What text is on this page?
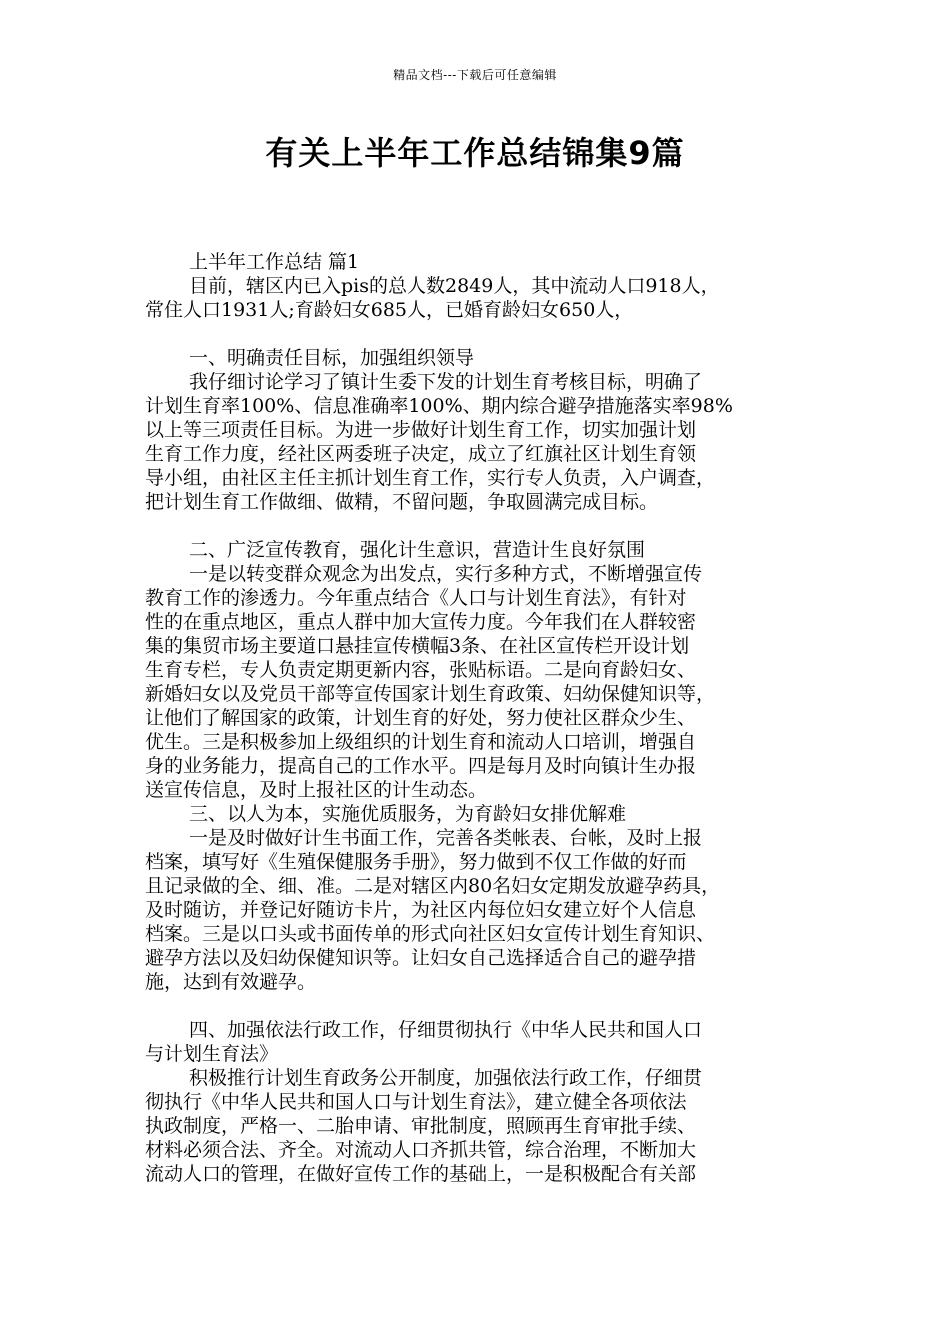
精品文档---下载后可任意编辑
有关上半年工作总结锦集9篇
上半年工作总结 篇1
目前，辖区内已入pis的总人数2849人，其中流动人口918人，
常住人口1931人;育龄妇女685人，已婚育龄妇女650人，
一、明确责任目标，加强组织领导
我仔细讨论学习了镇计生委下发的计划生育考核目标，明确了
计划生育率100%、信息准确率100%、期内综合避孕措施落实率98%
以上等三项责任目标。为进一步做好计划生育工作，切实加强计划
生育工作力度，经社区两委班子决定，成立了红旗社区计划生育领
导小组，由社区主任主抓计划生育工作，实行专人负责，入户调查，
把计划生育工作做细、做精，不留问题，争取圆满完成目标。
二、广泛宣传教育，强化计生意识，营造计生良好氛围
一是以转变群众观念为出发点，实行多种方式，不断增强宣传
教育工作的渗透力。今年重点结合《人口与计划生育法》，有针对
性的在重点地区，重点人群中加大宣传力度。今年我们在人群较密
集的集贸市场主要道口悬挂宣传横幅3条、在社区宣传栏开设计划
生育专栏，专人负责定期更新内容，张贴标语。二是向育龄妇女、
新婚妇女以及党员干部等宣传国家计划生育政策、妇幼保健知识等，
让他们了解国家的政策，计划生育的好处，努力使社区群众少生、
优生。三是积极参加上级组织的计划生育和流动人口培训，增强自
身的业务能力，提高自己的工作水平。四是每月及时向镇计生办报
送宣传信息，及时上报社区的计生动态。
三、以人为本，实施优质服务，为育龄妇女排优解难
一是及时做好计生书面工作，完善各类帐表、台帐，及时上报
档案，填写好《生殖保健服务手册》，努力做到不仅工作做的好而
且记录做的全、细、准。二是对辖区内80名妇女定期发放避孕药具，
及时随访，并登记好随访卡片，为社区内每位妇女建立好个人信息
档案。三是以口头或书面传单的形式向社区妇女宣传计划生育知识、
避孕方法以及妇幼保健知识等。让妇女自己选择适合自己的避孕措
施，达到有效避孕。
四、加强依法行政工作，仔细贯彻执行《中华人民共和国人口
与计划生育法》
积极推行计划生育政务公开制度，加强依法行政工作，仔细贯
彻执行《中华人民共和国人口与计划生育法》，建立健全各项依法
执政制度，严格一、二胎申请、审批制度，照顾再生育审批手续、
材料必须合法、齐全。对流动人口齐抓共管，综合治理，不断加大
流动人口的管理，在做好宣传工作的基础上，一是积极配合有关部
